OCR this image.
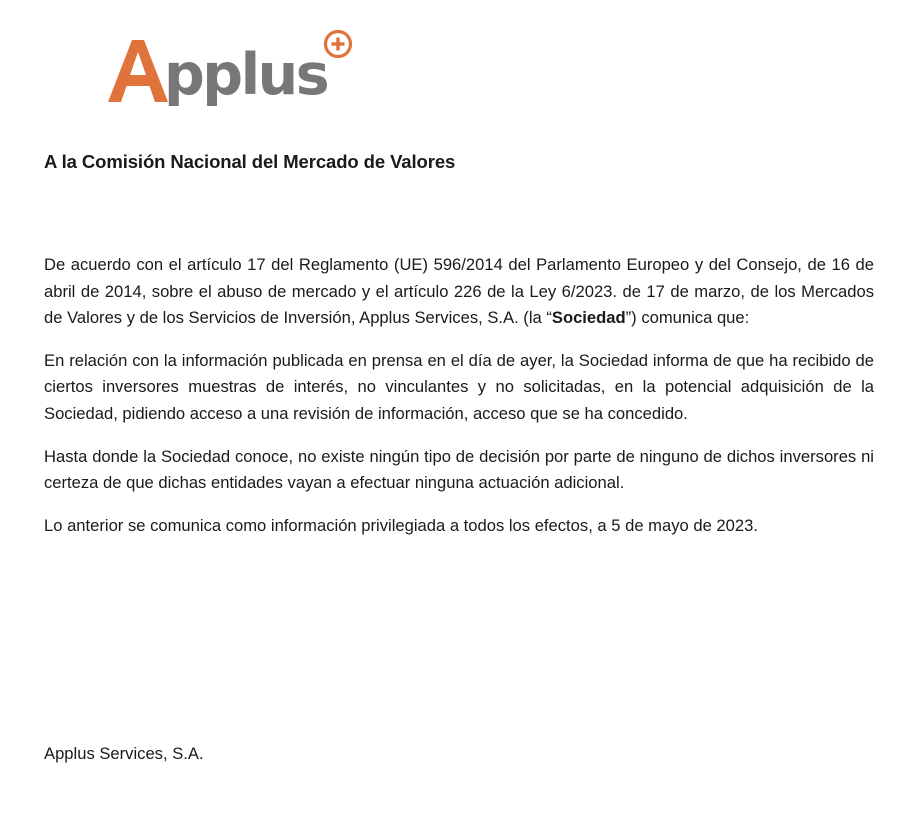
pplus
A la Comisión Nacional del Mercado de Valores

De acuerdo con el artículo 17 del Reglamento (UE) 596/2014 del Parlamento Europeo y del Consejo, de 16 de abril de 2014, sobre el abuso de mercado y el artículo 226 de la Ley 6/2023. de 17 de marzo, de los Mercados de Valores y de los Servicios de Inversión, Applus Services, S.A. (la “Sociedad”) comunica que:

En relación con la información publicada en prensa en el día de ayer, la Sociedad informa de que ha recibido de ciertos inversores muestras de interés, no vinculantes y no solicitadas, en la potencial adquisición de la Sociedad, pidiendo acceso a una revisión de información, acceso que se ha concedido.

Hasta donde la Sociedad conoce, no existe ningún tipo de decisión por parte de ninguno de dichos inversores ni certeza de que dichas entidades vayan a efectuar ninguna actuación adicional.

Lo anterior se comunica como información privilegiada a todos los efectos, a 5 de mayo de 2023.

Applus Services, S.A.
